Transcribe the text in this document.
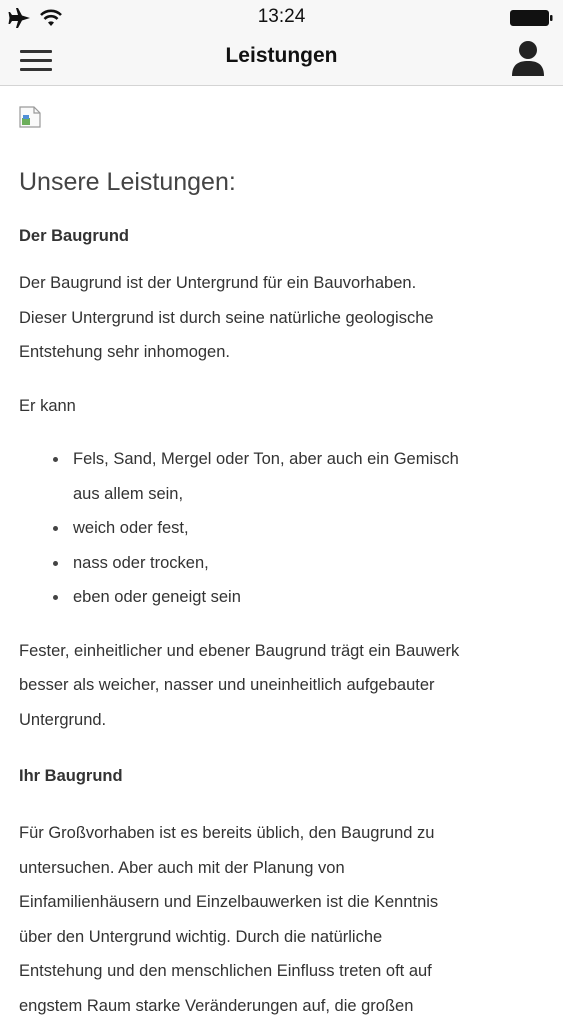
13:24
Leistungen
Unsere Leistungen:
Der Baugrund

Der Baugrund ist der Untergrund für ein Bauvorhaben.
Dieser Untergrund ist durch seine natürliche geologische
Entstehung sehr inhomogen.

Er kann

Fels, Sand, Mergel oder Ton, aber auch ein Gemisch
aus allem sein,
weich oder fest,
nass oder trocken,
eben oder geneigt sein

Fester, einheitlicher und ebener Baugrund trägt ein Bauwerk
besser als weicher, nasser und uneinheitlich aufgebauter
Untergrund.

Ihr Baugrund

Für Großvorhaben ist es bereits üblich, den Baugrund zu
untersuchen. Aber auch mit der Planung von
Einfamilienhäusern und Einzelbauwerken ist die Kenntnis
über den Untergrund wichtig. Durch die natürliche
Entstehung und den menschlichen Einfluss treten oft auf
engstem Raum starke Veränderungen auf, die großen
